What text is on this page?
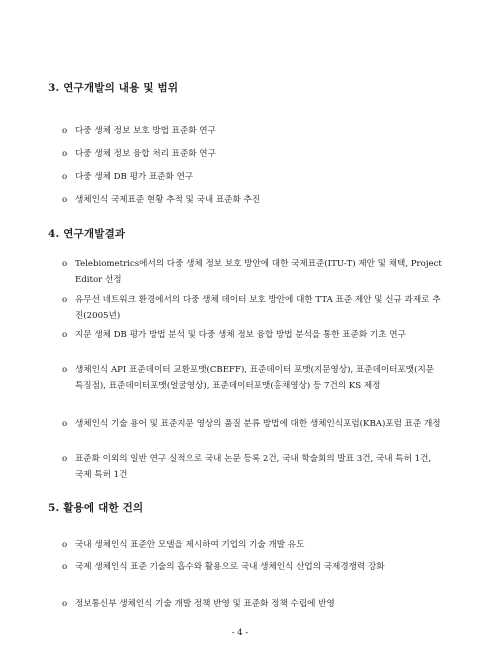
3. 연구개발의 내용 및 범위
o 다중 생체 정보 보호 방법 표준화 연구
o 다중 생체 정보 융합 처리 표준화 연구
o 다중 생체 DB 평가 표준화 연구
o 생체인식 국제표준 현황 추적 및 국내 표준화 추진
4. 연구개발결과
o Telebiometrics에서의 다중 생체 정보 보호 방안에 대한 국제표준(ITU-T) 제안 및 채택, Project Editor 선정
o 유무선 네트워크 환경에서의 다중 생체 데이터 보호 방안에 대한 TTA 표준 제안 및 신규 과제로 추진(2005년)
o 지문 생체 DB 평가 방법 분석 및 다중 생체 정보 융합 방법 분석을 통한 표준화 기초 연구
o 생체인식 API 표준데이터 교환포맷(CBEFF), 표준데이터 포맷(지문영상), 표준데이터포맷(지문 특징점), 표준데이터포맷(얼굴영상), 표준데이터포맷(홍채영상) 등 7건의 KS 제정
o 생체인식 기술 용어 및 표준지문 영상의 품질 분류 방법에 대한 생체인식포럼(KBA)포럼 표준 개정
o 표준화 이외의 일반 연구 실적으로 국내 논문 등록 2건, 국내 학술회의 발표 3건, 국내 특허 1건, 국제 특허 1건
5. 활용에 대한 건의
o 국내 생체인식 표준안 모델을 제시하여 기업의 기술 개발 유도
o 국제 생체인식 표준 기술의 흡수와 활용으로 국내 생체인식 산업의 국제경쟁력 강화
o 정보통신부 생체인식 기술 개발 정책 반영 및 표준화 정책 수립에 반영
- 4 -
